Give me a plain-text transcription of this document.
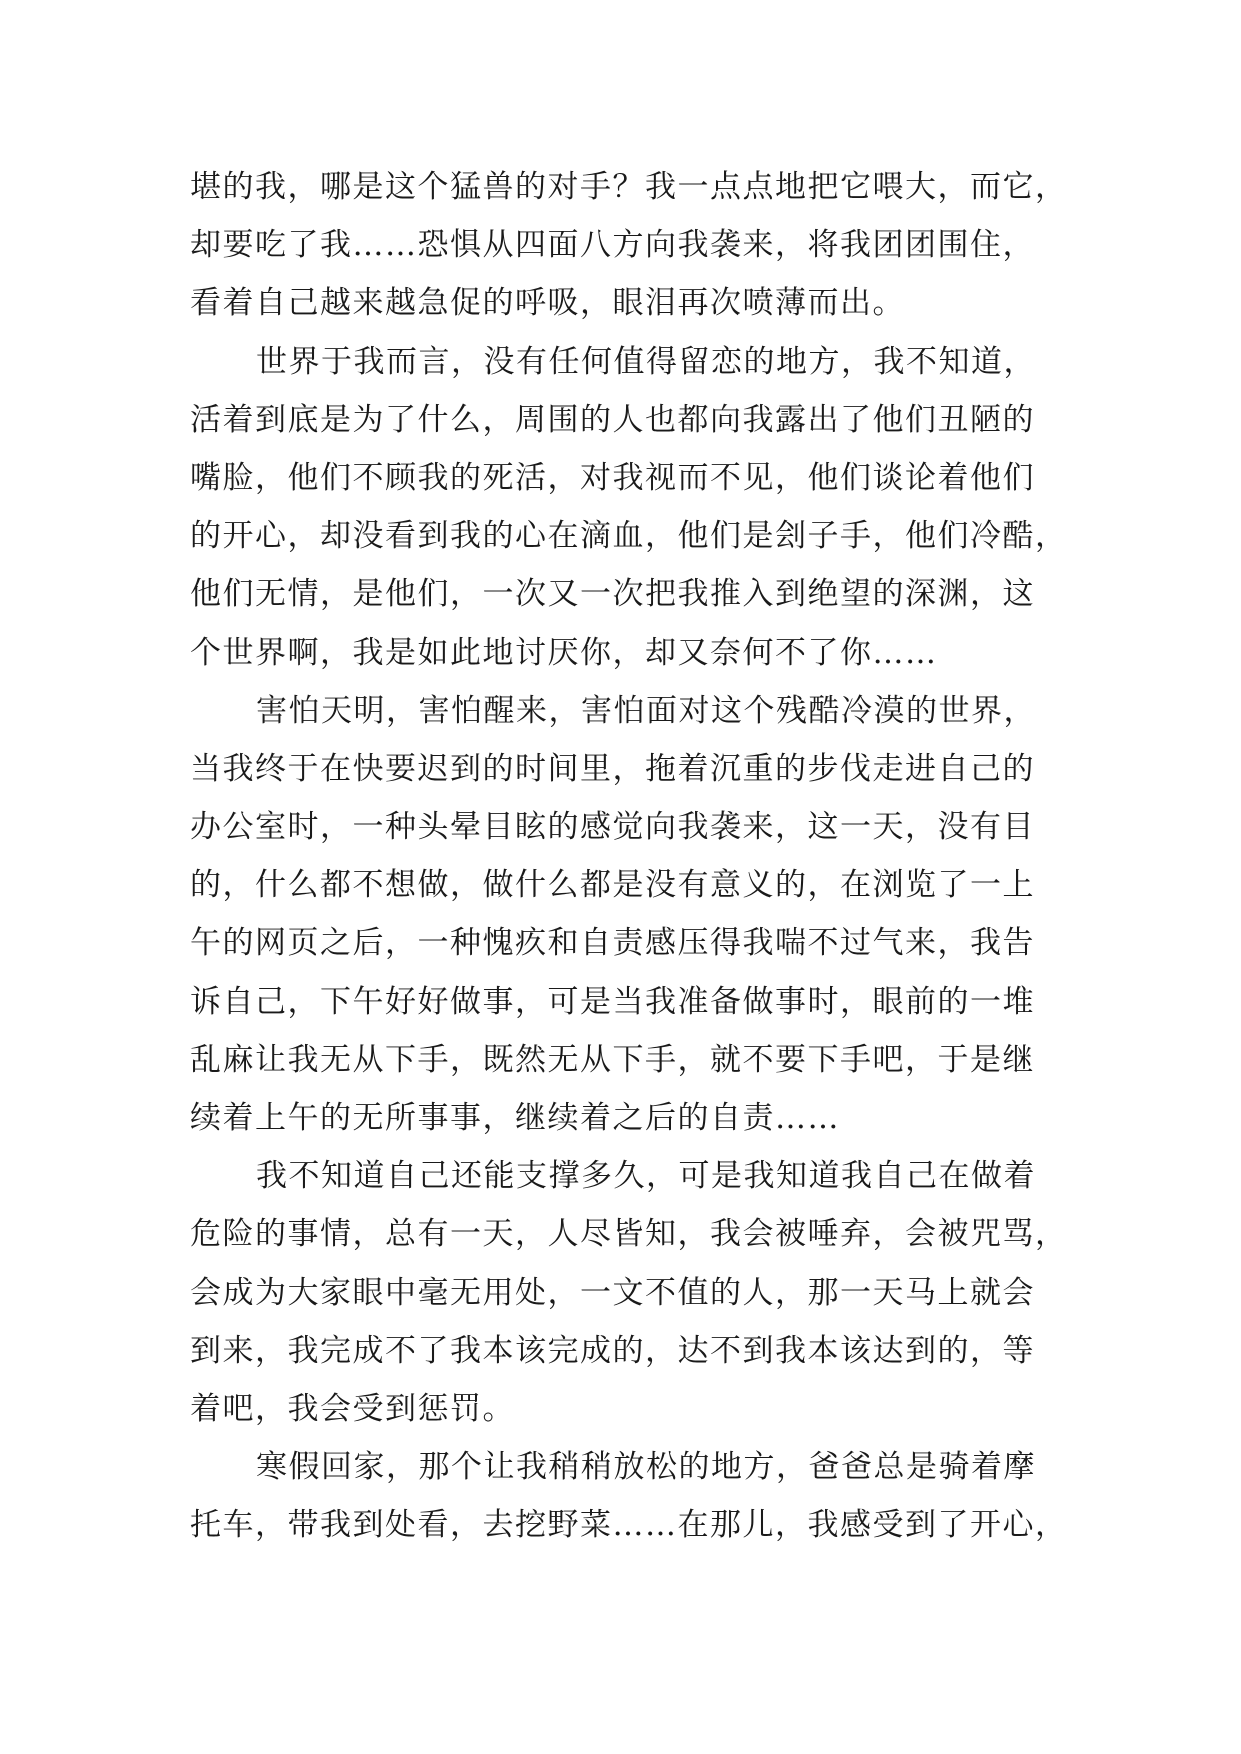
堪的我，哪是这个猛兽的对手？我一点点地把它喂大，而它，
却要吃了我……恐惧从四面八方向我袭来，将我团团围住，
看着自己越来越急促的呼吸，眼泪再次喷薄而出。
世界于我而言，没有任何值得留恋的地方，我不知道，
活着到底是为了什么，周围的人也都向我露出了他们丑陋的
嘴脸，他们不顾我的死活，对我视而不见，他们谈论着他们
的开心，却没看到我的心在滴血，他们是刽子手，他们冷酷，
他们无情，是他们，一次又一次把我推入到绝望的深渊，这
个世界啊，我是如此地讨厌你，却又奈何不了你……
害怕天明，害怕醒来，害怕面对这个残酷冷漠的世界，
当我终于在快要迟到的时间里，拖着沉重的步伐走进自己的
办公室时，一种头晕目眩的感觉向我袭来，这一天，没有目
的，什么都不想做，做什么都是没有意义的，在浏览了一上
午的网页之后，一种愧疚和自责感压得我喘不过气来，我告
诉自己，下午好好做事，可是当我准备做事时，眼前的一堆
乱麻让我无从下手，既然无从下手，就不要下手吧，于是继
续着上午的无所事事，继续着之后的自责……
我不知道自己还能支撑多久，可是我知道我自己在做着
危险的事情，总有一天，人尽皆知，我会被唾弃，会被咒骂，
会成为大家眼中毫无用处，一文不值的人，那一天马上就会
到来，我完成不了我本该完成的，达不到我本该达到的，等
着吧，我会受到惩罚。
寒假回家，那个让我稍稍放松的地方，爸爸总是骑着摩
托车，带我到处看，去挖野菜……在那儿，我感受到了开心，
